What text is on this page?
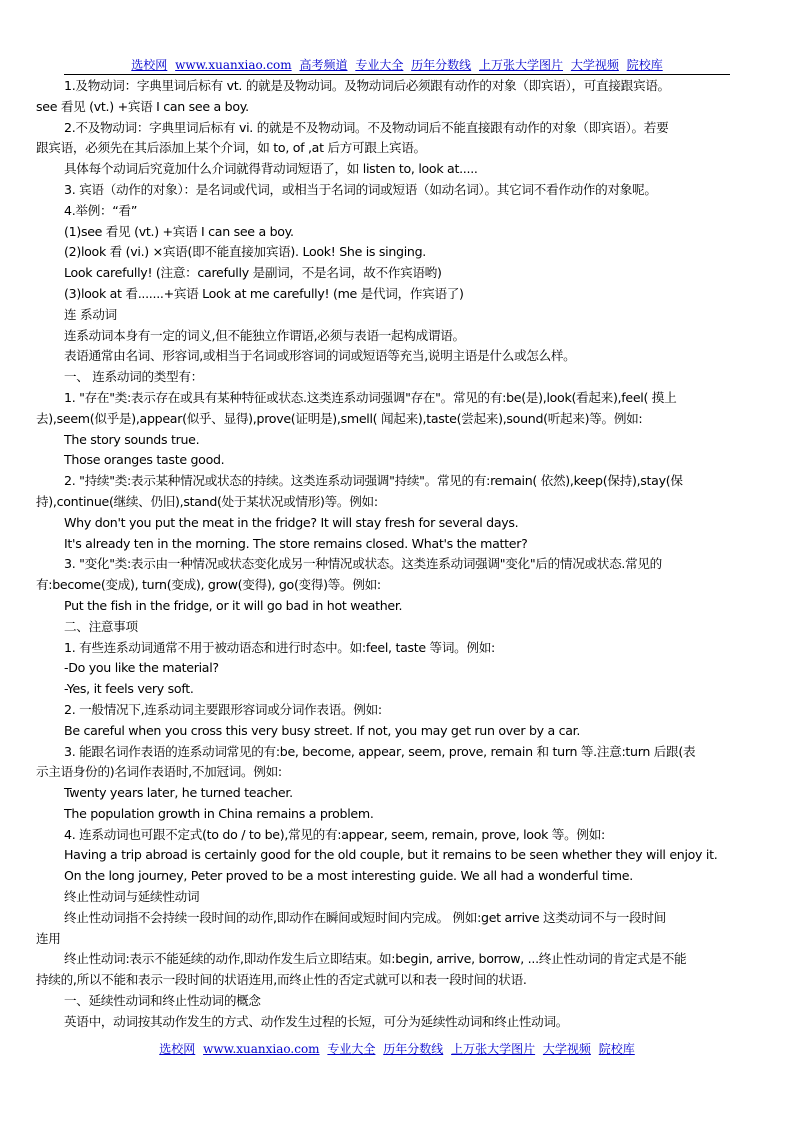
选校网 www.xuanxiao.com 高考频道 专业大全 历年分数线 上万张大学图片 大学视频 院校库

1.及物动词：字典里词后标有 vt. 的就是及物动词。及物动词后必须跟有动作的对象（即宾语），可直接跟宾语。

see 看见 (vt.) +宾语 I can see a boy.

2.不及物动词：字典里词后标有 vi. 的就是不及物动词。不及物动词后不能直接跟有动作的对象（即宾语）。若要

跟宾语，必须先在其后添加上某个介词，如 to, of ,at 后方可跟上宾语。

具体每个动词后究竟加什么介词就得背动词短语了，如 listen to, look at.....

3. 宾语（动作的对象）：是名词或代词，或相当于名词的词或短语（如动名词）。其它词不看作动作的对象呢。

4.举例：“看”

(1)see 看见 (vt.) +宾语 I can see a boy.

(2)look 看 (vi.) ×宾语(即不能直接加宾语). Look! She is singing.

Look carefully! (注意：carefully 是副词，不是名词，故不作宾语哟)

(3)look at 看.......+宾语 Look at me carefully! (me 是代词，作宾语了)

连 系动词

连系动词本身有一定的词义,但不能独立作谓语,必须与表语一起构成谓语。

表语通常由名词、形容词,或相当于名词或形容词的词或短语等充当,说明主语是什么或怎么样。

一、 连系动词的类型有：

1. "存在"类:表示存在或具有某种特征或状态.这类连系动词强调"存在"。常见的有:be(是),look(看起来),feel( 摸上

去),seem(似乎是),appear(似乎、显得),prove(证明是),smell( 闻起来),taste(尝起来),sound(听起来)等。例如:

The story sounds true.

Those oranges taste good.

2. "持续"类:表示某种情况或状态的持续。这类连系动词强调"持续"。常见的有:remain( 依然),keep(保持),stay(保

持),continue(继续、仍旧),stand(处于某状况或情形)等。例如:

Why don't you put the meat in the fridge? It will stay fresh for several days.

It's already ten in the morning. The store remains closed. What's the matter?

3. "变化"类:表示由一种情况或状态变化成另一种情况或状态。这类连系动词强调"变化"后的情况或状态.常见的

有:become(变成), turn(变成), grow(变得), go(变得)等。例如:

Put the fish in the fridge, or it will go bad in hot weather.

二、注意事项

1. 有些连系动词通常不用于被动语态和进行时态中。如:feel, taste 等词。例如:

-Do you like the material?

-Yes, it feels very soft.

2. 一般情况下,连系动词主要跟形容词或分词作表语。例如:

Be careful when you cross this very busy street. If not, you may get run over by a car.

3. 能跟名词作表语的连系动词常见的有:be, become, appear, seem, prove, remain 和 turn 等.注意:turn 后跟(表

示主语身份的)名词作表语时,不加冠词。例如:

Twenty years later, he turned teacher.

The population growth in China remains a problem.

4. 连系动词也可跟不定式(to do / to be),常见的有:appear, seem, remain, prove, look 等。例如:

Having a trip abroad is certainly good for the old couple, but it remains to be seen whether they will enjoy it.

On the long journey, Peter proved to be a most interesting guide. We all had a wonderful time.

终止性动词与延续性动词

终止性动词指不会持续一段时间的动作,即动作在瞬间或短时间内完成。 例如:get arrive 这类动词不与一段时间

连用

终止性动词:表示不能延续的动作,即动作发生后立即结束。如:begin, arrive, borrow, ...终止性动词的肯定式是不能

持续的,所以不能和表示一段时间的状语连用,而终止性的否定式就可以和表一段时间的状语.

一、延续性动词和终止性动词的概念

英语中，动词按其动作发生的方式、动作发生过程的长短，可分为延续性动词和终止性动词。

选校网 www.xuanxiao.com 专业大全 历年分数线 上万张大学图片 大学视频 院校库
